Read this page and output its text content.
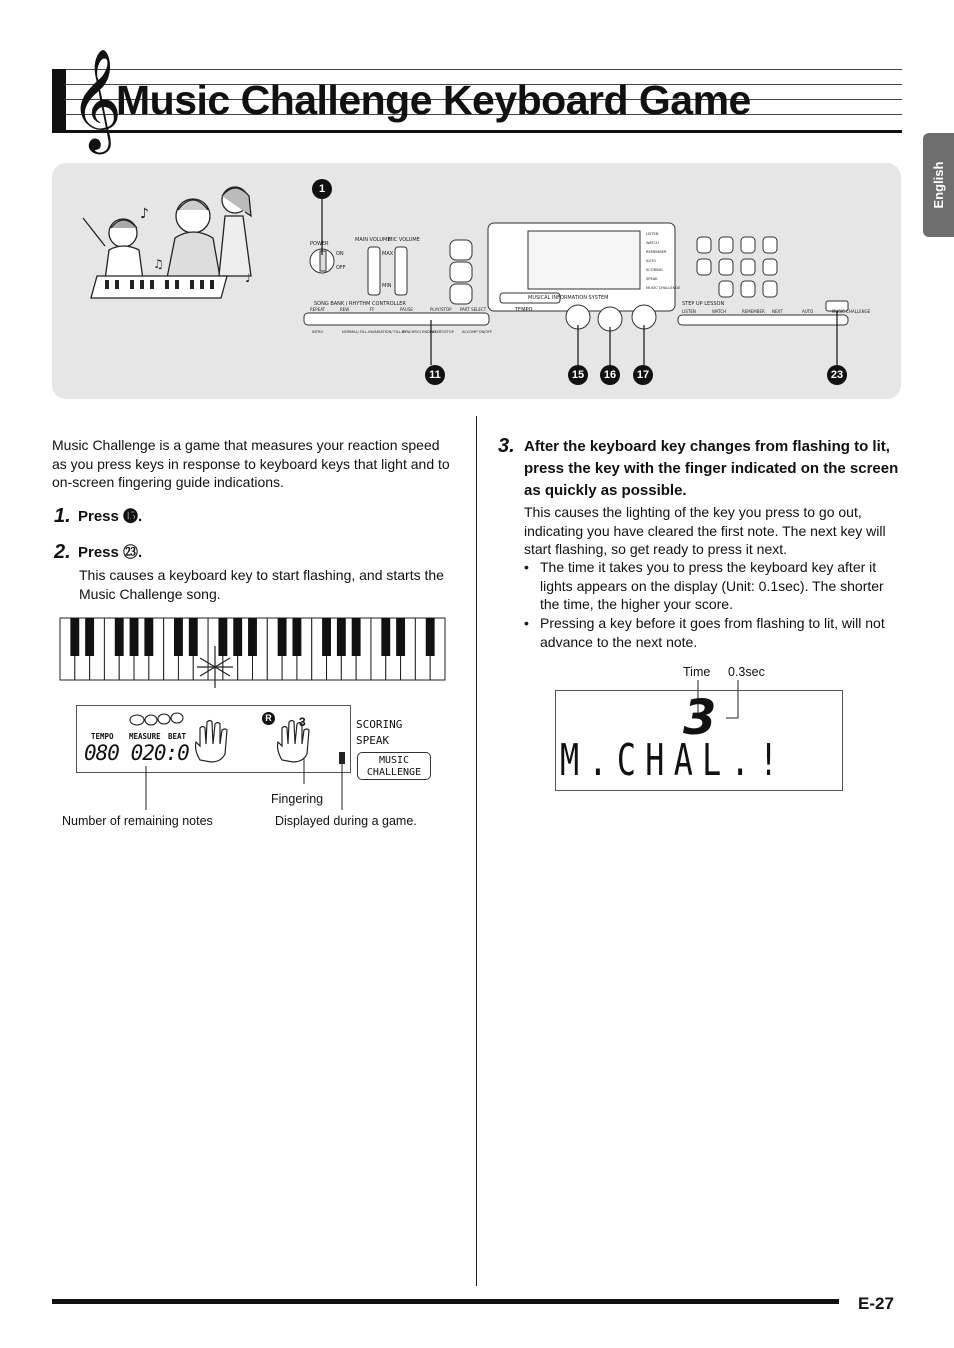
𝄞
Music Challenge Keyboard Game
English
♪
♫
♩
POWER
ON
OFF
MAIN VOLUME
MIC VOLUME
MAX
MIN
SONG BANK / RHYTHM CONTROLLER	STEP UP LESSON
MUSICAL INFORMATION SYSTEM
TEMPO
REPEAT	REW	FF	PAUSE	PLAY/STOP PART SELECT
INTRO	NORMAL/ FILL-IN VARIATION/ FILL-IN
SYNCHRO/ ENDING
START/STOP ACCOMP ON/OFF
LISTEN	WATCH	REMEMBER NEXT	AUTO	MUSIC CHALLENGE
LISTEN
WATCH
REMEMBER
AUTO
SCORING
SPEAK
MUSIC CHALLENGE
1
11	15	16	17	23
Music Challenge is a game that measures your reaction speed as you press keys in response to keyboard keys that light and to on-screen fingering guide indications.
1. Press ⓯.
2. Press ㉓.
This causes a keyboard key to start flashing, and starts the Music Challenge song.
TEMPO MEASURE BEAT
080 020:0
R 3	SCORING
SPEAK
MUSIC
CHALLENGE
Fingering
Number of remaining notes	Displayed during a game.
3. After the keyboard key changes from flashing to lit, press the key with the finger indicated on the screen as quickly as possible.
This causes the lighting of the key you press to go out, indicating you have cleared the first note. The next key will start flashing, so get ready to press it next.
• The time it takes you to press the keyboard key after it lights appears on the display (Unit: 0.1sec). The shorter the time, the higher your score.
• Pressing a key before it goes from flashing to lit, will not advance to the next note.
Time 0.3sec
3
M.CHAL.!
E-27
